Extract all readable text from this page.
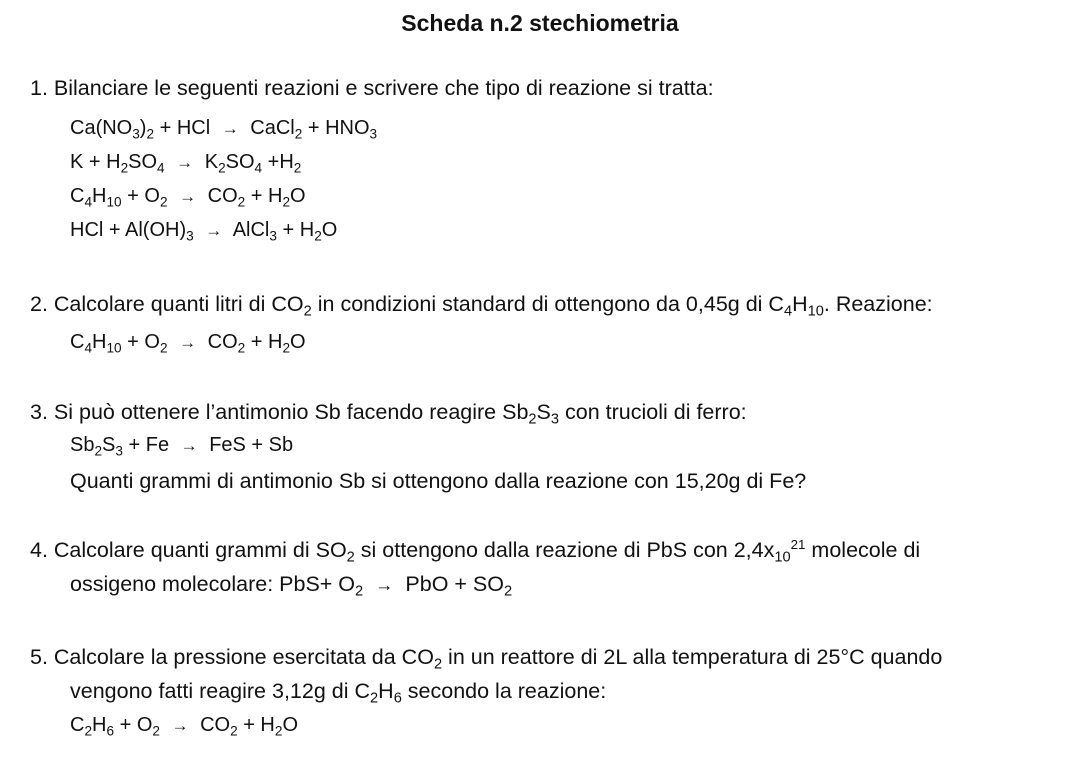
Scheda n.2 stechiometria
1. Bilanciare le seguenti reazioni e scrivere che tipo di reazione si tratta:
$Ca(NO_3)_2$ + HCl → CaCl$_2$ + $HNO_3$
$K + H_2SO_4 \to K_2SO_4 +H_2$
$C_4H_{10} + O_2 \to CO_2 + H_2O$
HCl + $Al(OH)_3$ → AlCl$_3$ + $H_2O$
2. Calcolare quanti litri di $CO_2$ in condizioni standard di ottengono da 0,45g di $C_4H_{10}$. Reazione:
$C_4H_{10} + O_2 \to CO_2 + H_2O$
3. Si può ottenere l’antimonio Sb facendo reagire $Sb_2S_3$ con trucioli di ferro:
$Sb_2S_3 + Fe$ → FeS + Sb
Quanti grammi di antimonio Sb si ottengono dalla reazione con 15,20g di Fe?
4. Calcolare quanti grammi di $SO_2$ si ottengono dalla reazione di PbS con $2,4x_{10}^{21}$ molecole di
ossigeno molecolare: $PbS+ O_2$ → PbO + $SO_2$
5. Calcolare la pressione esercitata da $CO_2$ in un reattore di 2L alla temperatura di 25°C quando
vengono fatti reagire 3,12g di $C_2H_6$ secondo la reazione:
$C_2H_6 + O_2 \to CO_2 + H_2O$
